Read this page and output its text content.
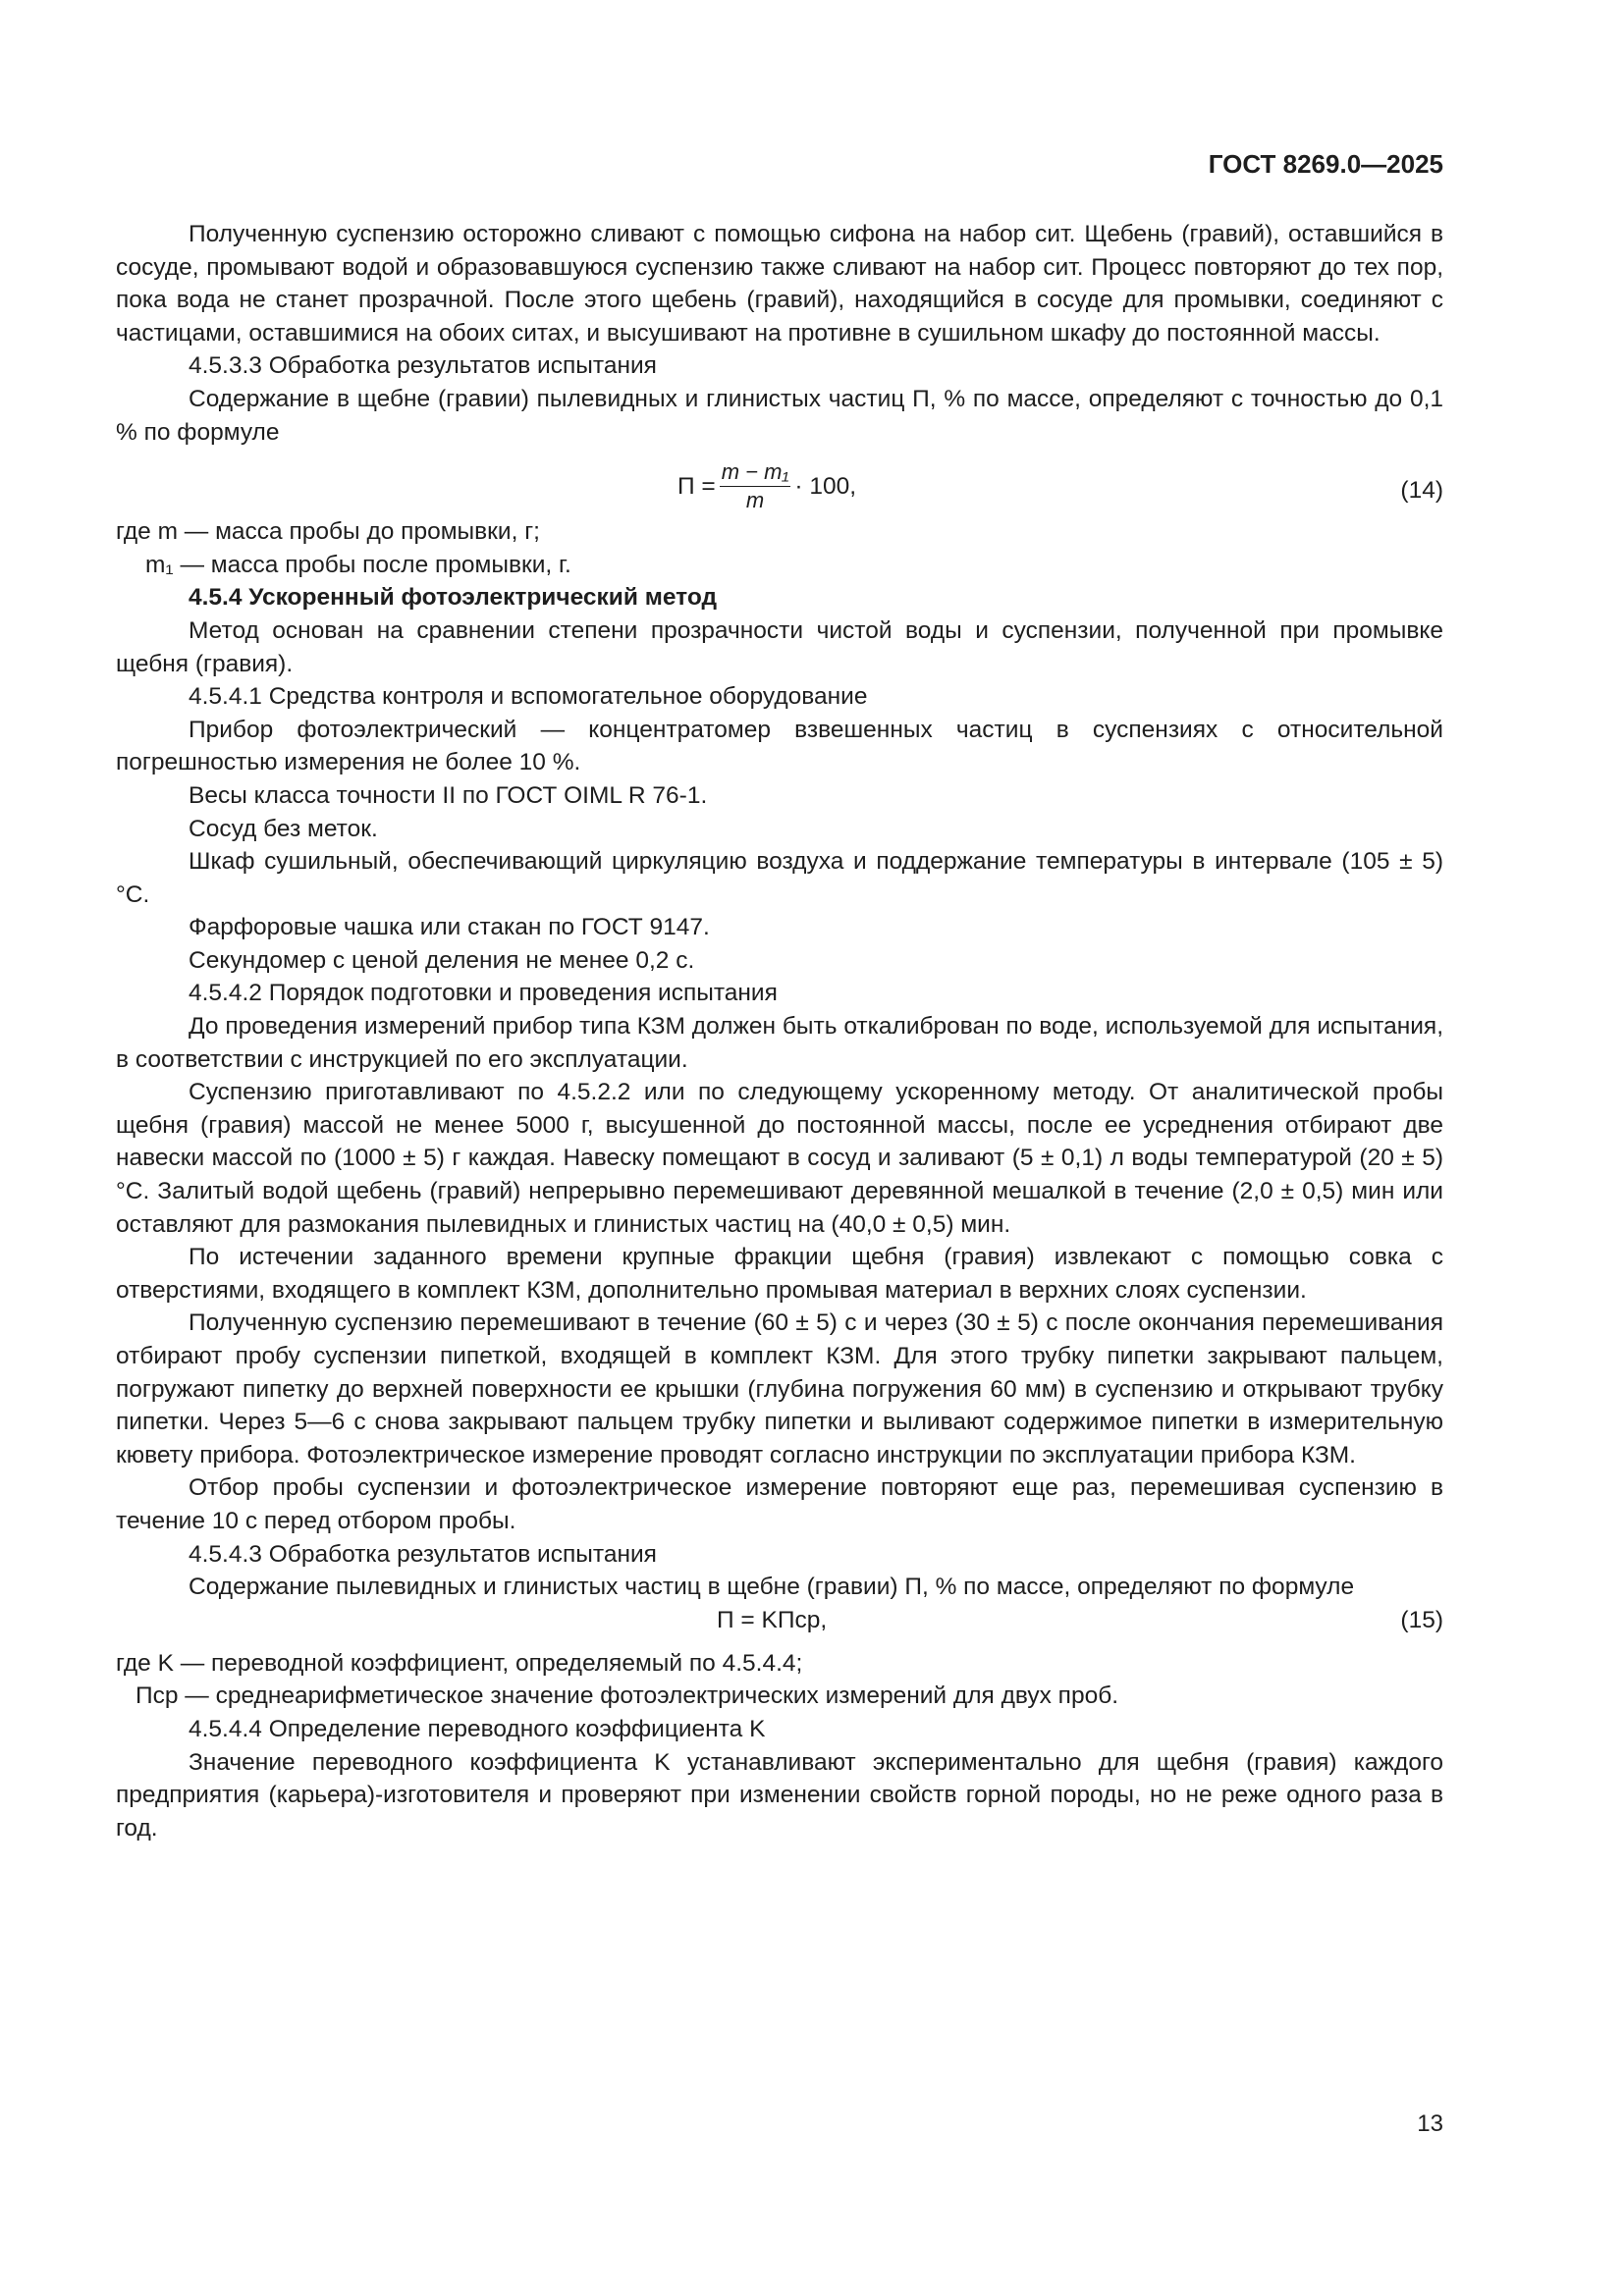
ГОСТ 8269.0—2025

Полученную суспензию осторожно сливают с помощью сифона на набор сит. Щебень (гравий), оставшийся в сосуде, промывают водой и образовавшуюся суспензию также сливают на набор сит. Процесс повторяют до тех пор, пока вода не станет прозрачной. После этого щебень (гравий), находящийся в сосуде для промывки, соединяют с частицами, оставшимися на обоих ситах, и высушивают на противне в сушильном шкафу до постоянной массы.

4.5.3.3 Обработка результатов испытания

Содержание в щебне (гравии) пылевидных и глинистых частиц П, % по массе, определяют с точностью до 0,1 % по формуле

$П = \frac{\text{m − m₁}}{m} \cdot 100$,	(14)

где m — масса пробы до промывки, г;

m₁ — масса пробы после промывки, г.

4.5.4 Ускоренный фотоэлектрический метод

Метод основан на сравнении степени прозрачности чистой воды и суспензии, полученной при промывке щебня (гравия).

4.5.4.1 Средства контроля и вспомогательное оборудование

Прибор фотоэлектрический — концентратомер взвешенных частиц в суспензиях с относительной погрешностью измерения не более 10 %.

Весы класса точности II по ГОСТ OIML R 76-1.

Сосуд без меток.

Шкаф сушильный, обеспечивающий циркуляцию воздуха и поддержание температуры в интервале (105 ± 5) °С.

Фарфоровые чашка или стакан по ГОСТ 9147.

Секундомер с ценой деления не менее 0,2 с.

4.5.4.2 Порядок подготовки и проведения испытания

До проведения измерений прибор типа КЗМ должен быть откалиброван по воде, используемой для испытания, в соответствии с инструкцией по его эксплуатации.

Суспензию приготавливают по 4.5.2.2 или по следующему ускоренному методу. От аналитической пробы щебня (гравия) массой не менее 5000 г, высушенной до постоянной массы, после ее усреднения отбирают две навески массой по (1000 ± 5) г каждая. Навеску помещают в сосуд и заливают (5 ± 0,1) л воды температурой (20 ± 5) °С. Залитый водой щебень (гравий) непрерывно перемешивают деревянной мешалкой в течение (2,0 ± 0,5) мин или оставляют для размокания пылевидных и глинистых частиц на (40,0 ± 0,5) мин.

По истечении заданного времени крупные фракции щебня (гравия) извлекают с помощью совка с отверстиями, входящего в комплект КЗМ, дополнительно промывая материал в верхних слоях суспензии.

Полученную суспензию перемешивают в течение (60 ± 5) с и через (30 ± 5) с после окончания перемешивания отбирают пробу суспензии пипеткой, входящей в комплект КЗМ. Для этого трубку пипетки закрывают пальцем, погружают пипетку до верхней поверхности ее крышки (глубина погружения 60 мм) в суспензию и открывают трубку пипетки. Через 5—6 с снова закрывают пальцем трубку пипетки и выливают содержимое пипетки в измерительную кювету прибора. Фотоэлектрическое измерение проводят согласно инструкции по эксплуатации прибора КЗМ.

Отбор пробы суспензии и фотоэлектрическое измерение повторяют еще раз, перемешивая суспензию в течение 10 с перед отбором пробы.

4.5.4.3 Обработка результатов испытания

Содержание пылевидных и глинистых частиц в щебне (гравии) П, % по массе, определяют по формуле

П = KПср,	(15)

где K — переводной коэффициент, определяемый по 4.5.4.4;

Пср — среднеарифметическое значение фотоэлектрических измерений для двух проб.

4.5.4.4 Определение переводного коэффициента K

Значение переводного коэффициента K устанавливают экспериментально для щебня (гравия) каждого предприятия (карьера)-изготовителя и проверяют при изменении свойств горной породы, но не реже одного раза в год.

13
